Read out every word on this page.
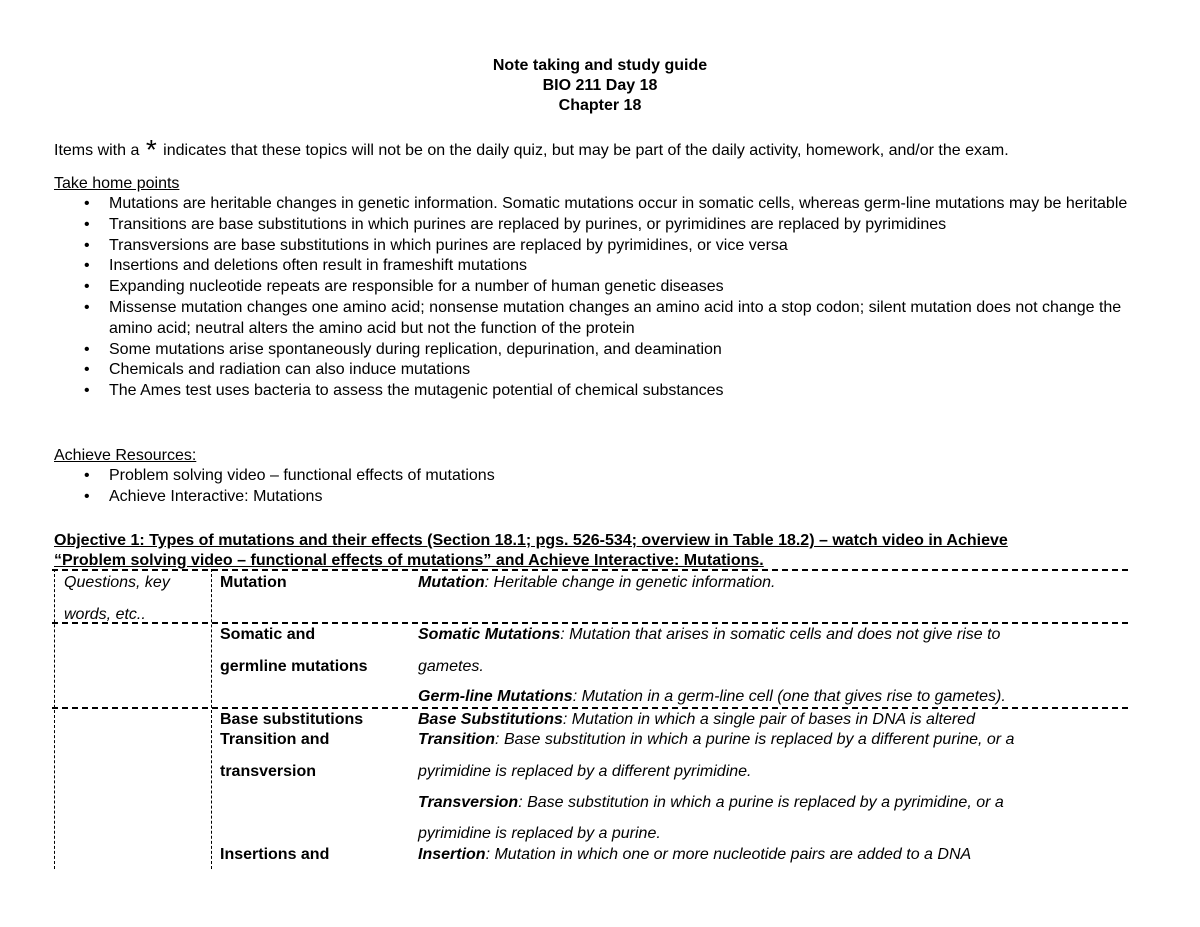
Note taking and study guide
BIO 211 Day 18
Chapter 18
Items with a * indicates that these topics will not be on the daily quiz, but may be part of the daily activity, homework, and/or the exam.
Take home points
• Mutations are heritable changes in genetic information. Somatic mutations occur in somatic cells, whereas germ-line mutations may be heritable
• Transitions are base substitutions in which purines are replaced by purines, or pyrimidines are replaced by pyrimidines
• Transversions are base substitutions in which purines are replaced by pyrimidines, or vice versa
• Insertions and deletions often result in frameshift mutations
• Expanding nucleotide repeats are responsible for a number of human genetic diseases
• Missense mutation changes one amino acid; nonsense mutation changes an amino acid into a stop codon; silent mutation does not change the amino acid; neutral alters the amino acid but not the function of the protein
• Some mutations arise spontaneously during replication, depurination, and deamination
• Chemicals and radiation can also induce mutations
• The Ames test uses bacteria to assess the mutagenic potential of chemical substances
Achieve Resources:
• Problem solving video – functional effects of mutations
• Achieve Interactive: Mutations
Objective 1: Types of mutations and their effects (Section 18.1; pgs. 526-534; overview in Table 18.2) – watch video in Achieve
“Problem solving video – functional effects of mutations” and Achieve Interactive: Mutations.
Questions, key
words, etc..
Mutation	Mutation: Heritable change in genetic information.
Somatic and
germline mutations
Somatic Mutations: Mutation that arises in somatic cells and does not give rise to
gametes.
Germ-line Mutations: Mutation in a germ-line cell (one that gives rise to gametes).
Base substitutions
Transition and
transversion
Insertions and
Base Substitutions: Mutation in which a single pair of bases in DNA is altered
Transition: Base substitution in which a purine is replaced by a different purine, or a
pyrimidine is replaced by a different pyrimidine.
Transversion: Base substitution in which a purine is replaced by a pyrimidine, or a
pyrimidine is replaced by a purine.
Insertion: Mutation in which one or more nucleotide pairs are added to a DNA
